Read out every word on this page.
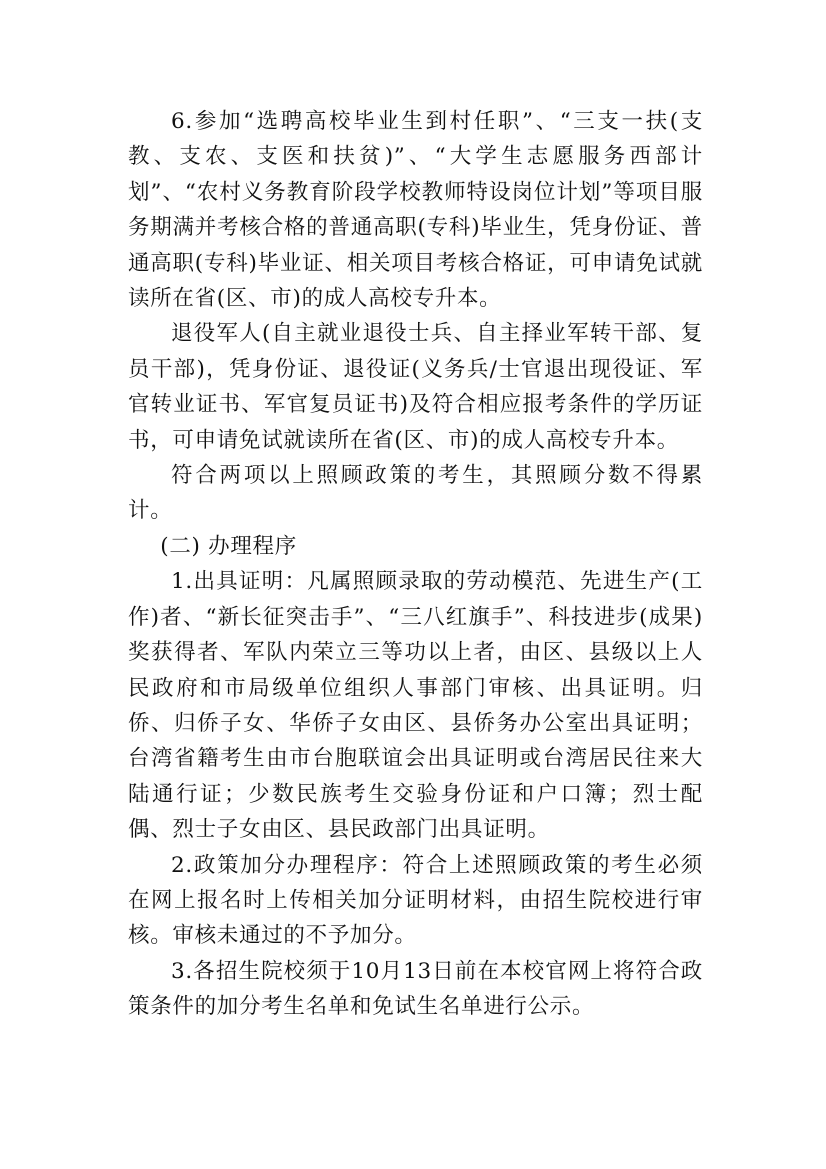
6.参加“选聘高校毕业生到村任职”、“三支一扶(支教、支农、支医和扶贫)”、“大学生志愿服务西部计划”、“农村义务教育阶段学校教师特设岗位计划”等项目服务期满并考核合格的普通高职(专科)毕业生，凭身份证、普通高职(专科)毕业证、相关项目考核合格证，可申请免试就读所在省(区、市)的成人高校专升本。

退役军人(自主就业退役士兵、自主择业军转干部、复员干部)，凭身份证、退役证(义务兵/士官退出现役证、军官转业证书、军官复员证书)及符合相应报考条件的学历证书，可申请免试就读所在省(区、市)的成人高校专升本。

符合两项以上照顾政策的考生，其照顾分数不得累计。

(二) 办理程序

1.出具证明：凡属照顾录取的劳动模范、先进生产(工作)者、“新长征突击手”、“三八红旗手”、科技进步(成果)奖获得者、军队内荣立三等功以上者，由区、县级以上人民政府和市局级单位组织人事部门审核、出具证明。归侨、归侨子女、华侨子女由区、县侨务办公室出具证明；台湾省籍考生由市台胞联谊会出具证明或台湾居民往来大陆通行证；少数民族考生交验身份证和户口簿；烈士配偶、烈士子女由区、县民政部门出具证明。

2.政策加分办理程序：符合上述照顾政策的考生必须在网上报名时上传相关加分证明材料，由招生院校进行审核。审核未通过的不予加分。

3.各招生院校须于10月13日前在本校官网上将符合政策条件的加分考生名单和免试生名单进行公示。
